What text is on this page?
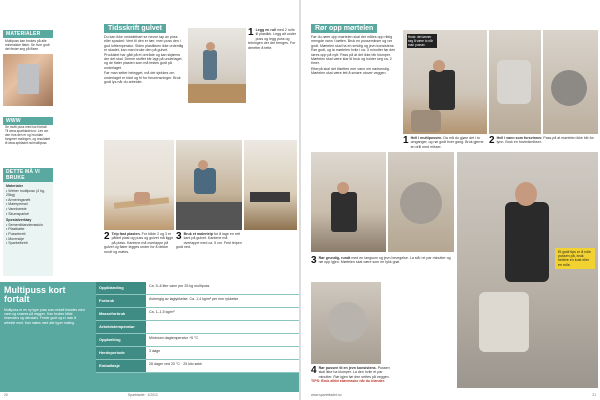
MATERIALER
Multipuss kan brukes på alle mineralske flater. Se hvor godt det fester seg på flisen.
WWW
Se mufti puss med kort fortalt. Til www.sparbladet.no: Les om den hva den er og hvordan fungerer malingen, og resultatet til www.spbladet.no/multipuss
DETTE MÅ VI BRUKE
Materialer
• Weber multipuss (4 kg, 25kg)
• Armeringsnett
• Malerpensel
• Vannbørste
• Skumsparkel
Spesialverktøy
• Sementblandemaskin
• Plastbøtte
• Pussebrett
• Murerskje
• Sparkelbrett
Tidsskrift gulvet
Du kan ikke umiddelbart se nevne tap av puss eller spackel: Vent til den er tørr, men puss den i god lufttemperatur. Siden plastikken ikke ordentlig er skadet, kan man bruke den på gulvet. Produktet har gått på et område og kan skjæres der det skal. Denne stoffet blir lagt på underlaget, og de flater plasten som må festes godt på underlaget.
Før man setter belegget, må det sjekkes om underlaget er klart og fri for forurensninger. Bruk godt lys når du arbeider.
1 Legg en rull med 2 rulle til plastikk. Legg alt under puss og legg puss og tetningen der det trenges. For deretter å tette.
2 Teip fast plasten. For både 2 og 3 er påført plast og puss og gulvet må ligge på plass. Kantene må overlappe på gulvet og flater legges under for å dekke rundt og møtes.
3 Bruk et malerteip for å lage en rett kant på gulvet. Kantene må overlappe med ca. 5 cm. Fest teipen godt ned.
Multipuss kort fortalt
Multipuss er en ny type puss som enkelt blandes med vann og smøres på veggen. Kan brukes både innendørs og utendørs. Fester godt og er rask å arbeide med. Kan males med alle typer maling.
Oppblanding	Ca. 5–6 liter vann per 25 kg multipuss
Forbruk	Avhengig av lagtykkelse. Ca. 1,4 kg/m² per mm tykkelse
Masseforbruk	Ca. 1–1,5 kg/m²
Arbeidstemperatur
Opptørking	Minimum dagtemperatur +5 °C
Herdeperiode	3 døgn
Emballasje	28 dager ved 20 °C · 25 kilo sekk
20	Sparbladet · 1/2012
Rør opp mørtelen
Før du rører opp mørtelen skal det måles opp riktig mengde vann i bøtten. Bruk en pussemikser og rør godt. Mørtelen skal ha en smidig og jevn konsistens. Rør godt, og la mørtelen hvile i ca. 3 minutter før den røres opp på nytt. Pass på at det ikke blir klumper. Mørtelen skal være klar til bruk og holder seg ca. 2 timer.
Etterpå skal det tilsettes mer vann om nødvendig. Mørtelen skal være lett å smøre utover veggen.
Husk: det lønner seg å være to når man pusser.
1 Hell i multipussen. Da må du gjøre det i to omganger, og rør godt hver gang. Bruk gjerne en drill med mikser.
2 Hell i vann som forsvinner. Pass på at mørtelen ikke blir for tynn. Bruk en hovedsmikser.
3 Rør grundig, rundt med en langsom og jevn bevegelse. La stå i et par minutter og rør opp igjen. Mørtelen skal være som en tykk grøt.
4 Rør pussen til en jevn konsistens. Pussen skal ikke ha klumper. La den hvile et par minutter. Rør igjen før den settes på veggen.
TIPS: Bruk alltid støvmaske når du blander.
Et godt tips er å rulle pussen på, bruk hellere en kost eller en rulle.
www.sparebladet.no	21
